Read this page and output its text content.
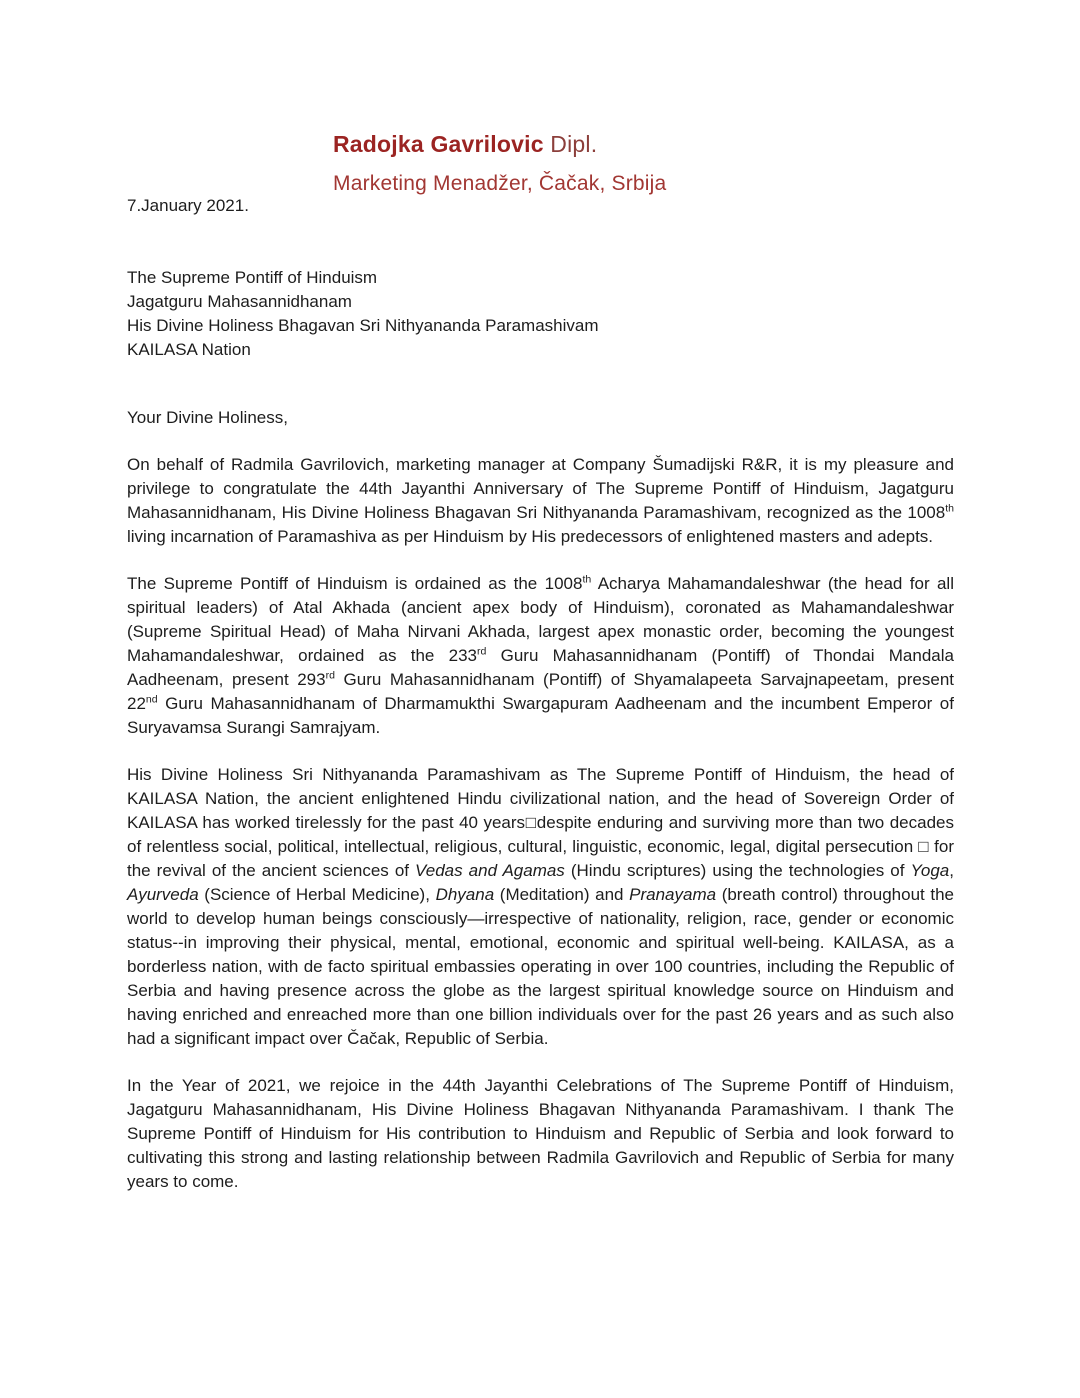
Radojka Gavrilovic Dipl.
Marketing Menadžer, Čačak, Srbija
7.January 2021.
The Supreme Pontiff of Hinduism
Jagatguru Mahasannidhanam
His Divine Holiness Bhagavan Sri Nithyananda Paramashivam
KAILASA Nation
Your Divine Holiness,

On behalf of Radmila Gavrilovich, marketing manager at Company Šumadijski R&R, it is my pleasure and privilege to congratulate the 44th Jayanthi Anniversary of The Supreme Pontiff of Hinduism, Jagatguru Mahasannidhanam, His Divine Holiness Bhagavan Sri Nithyananda Paramashivam, recognized as the 1008th living incarnation of Paramashiva as per Hinduism by His predecessors of enlightened masters and adepts.

The Supreme Pontiff of Hinduism is ordained as the 1008th Acharya Mahamandaleshwar (the head for all spiritual leaders) of Atal Akhada (ancient apex body of Hinduism), coronated as Mahamandaleshwar (Supreme Spiritual Head) of Maha Nirvani Akhada, largest apex monastic order, becoming the youngest Mahamandaleshwar, ordained as the 233rd Guru Mahasannidhanam (Pontiff) of Thondai Mandala Aadheenam, present 293rd Guru Mahasannidhanam (Pontiff) of Shyamalapeeta Sarvajnapeetam, present 22nd Guru Mahasannidhanam of Dharmamukthi Swargapuram Aadheenam and the incumbent Emperor of Suryavamsa Surangi Samrajyam.

His Divine Holiness Sri Nithyananda Paramashivam as The Supreme Pontiff of Hinduism, the head of KAILASA Nation, the ancient enlightened Hindu civilizational nation, and the head of Sovereign Order of KAILASA has worked tirelessly for the past 40 years□despite enduring and surviving more than two decades of relentless social, political, intellectual, religious, cultural, linguistic, economic, legal, digital persecution □ for the revival of the ancient sciences of Vedas and Agamas (Hindu scriptures) using the technologies of Yoga, Ayurveda (Science of Herbal Medicine), Dhyana (Meditation) and Pranayama (breath control) throughout the world to develop human beings consciously—irrespective of nationality, religion, race, gender or economic status--in improving their physical, mental, emotional, economic and spiritual well-being. KAILASA, as a borderless nation, with de facto spiritual embassies operating in over 100 countries, including the Republic of Serbia and having presence across the globe as the largest spiritual knowledge source on Hinduism and having enriched and enreached more than one billion individuals over for the past 26 years and as such also had a significant impact over Čačak, Republic of Serbia.

In the Year of 2021, we rejoice in the 44th Jayanthi Celebrations of The Supreme Pontiff of Hinduism, Jagatguru Mahasannidhanam, His Divine Holiness Bhagavan Nithyananda Paramashivam. I thank The Supreme Pontiff of Hinduism for His contribution to Hinduism and Republic of Serbia and look forward to cultivating this strong and lasting relationship between Radmila Gavrilovich and Republic of Serbia for many years to come.
